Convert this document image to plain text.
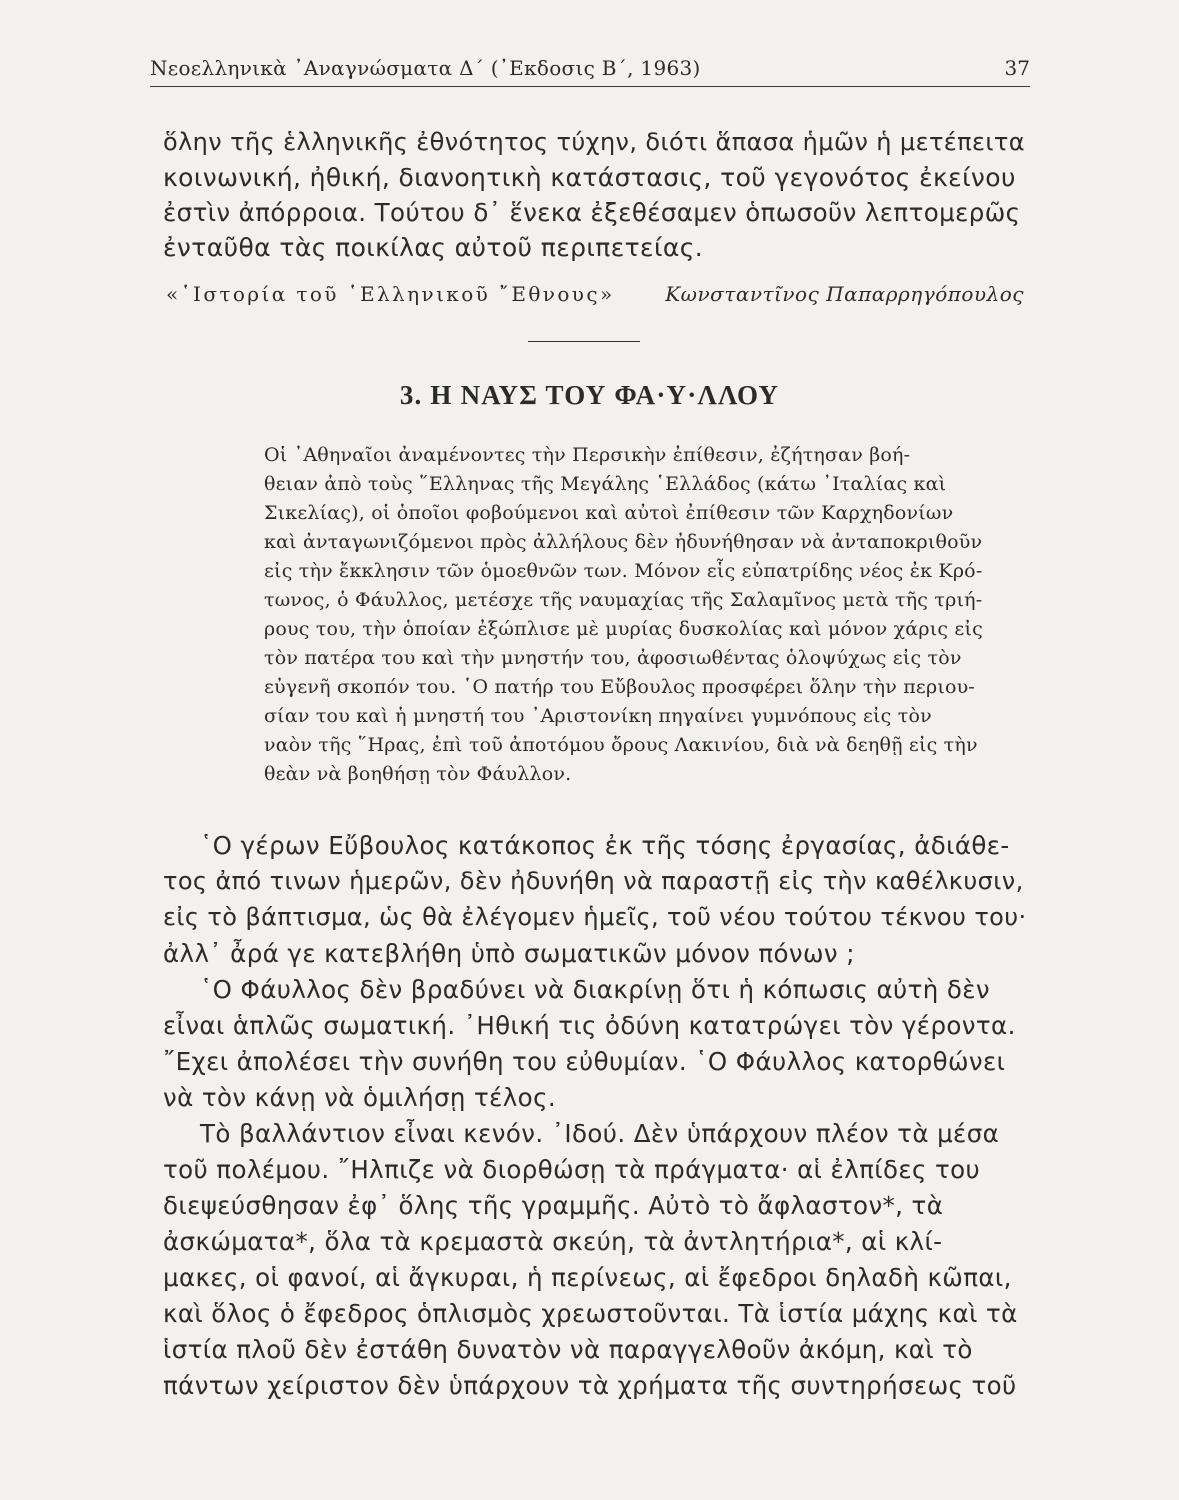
Νεοελληνικὰ ᾿Αναγνώσματα Δ΄ (᾿Εκδοσις Β΄, 1963)	37
ὅλην τῆς ἑλληνικῆς ἐθνότητος τύχην, διότι ἅπασα ἡμῶν ἡ μετέπειτα
κοινωνική, ἠθική, διανοητικὴ κατάστασις, τοῦ γεγονότος ἐκείνου
ἐστὶν ἀπόρροια. Τούτου δ᾿ ἕνεκα ἐξεθέσαμεν ὁπωσοῦν λεπτομερῶς
ἐνταῦθα τὰς ποικίλας αὐτοῦ περιπετείας.
«῾Ιστορία τοῦ ῾Ελληνικοῦ ῎Εθνους»	Κωνσταντῖνος Παπαρρηγόπουλος
3. Η ΝΑΥΣ ΤΟΥ ΦΑ·Υ·ΛΛΟΥ
Οἱ ᾿Αθηναῖοι ἀναμένοντες τὴν Περσικὴν ἐπίθεσιν, ἐζήτησαν βοή-
θειαν ἀπὸ τοὺς ῞Ελληνας τῆς Μεγάλης ῾Ελλάδος (κάτω ᾿Ιταλίας καὶ
Σικελίας), οἱ ὁποῖοι φοβούμενοι καὶ αὐτοὶ ἐπίθεσιν τῶν Καρχηδονίων
καὶ ἀνταγωνιζόμενοι πρὸς ἀλλήλους δὲν ἠδυνήθησαν νὰ ἀνταποκριθοῦν
εἰς τὴν ἔκκλησιν τῶν ὁμοεθνῶν των. Μόνον εἷς εὐπατρίδης νέος ἐκ Κρό-
τωνος, ὁ Φάυλλος, μετέσχε τῆς ναυμαχίας τῆς Σαλαμῖνος μετὰ τῆς τριή-
ρους του, τὴν ὁποίαν ἐξώπλισε μὲ μυρίας δυσκολίας καὶ μόνον χάρις εἰς
τὸν πατέρα του καὶ τὴν μνηστήν του, ἀφοσιωθέντας ὁλοψύχως εἰς τὸν
εὐγενῆ σκοπόν του. ῾Ο πατήρ του Εὔβουλος προσφέρει ὅλην τὴν περιου-
σίαν του καὶ ἡ μνηστή του ᾿Αριστονίκη πηγαίνει γυμνόπους εἰς τὸν
ναὸν τῆς ῞Ηρας, ἐπὶ τοῦ ἀποτόμου ὄρους Λακινίου, διὰ νὰ δεηθῇ εἰς τὴν
θεὰν νὰ βοηθήσῃ τὸν Φάυλλον.
῾Ο γέρων Εὔβουλος κατάκοπος ἐκ τῆς τόσης ἐργασίας, ἀδιάθε-
τος ἀπό τινων ἡμερῶν, δὲν ἠδυνήθη νὰ παραστῇ εἰς τὴν καθέλκυσιν,
εἰς τὸ βάπτισμα, ὡς θὰ ἐλέγομεν ἡμεῖς, τοῦ νέου τούτου τέκνου του·
ἀλλ᾿ ἆρά γε κατεβλήθη ὑπὸ σωματικῶν μόνον πόνων ;
῾Ο Φάυλλος δὲν βραδύνει νὰ διακρίνῃ ὅτι ἡ κόπωσις αὐτὴ δὲν
εἶναι ἁπλῶς σωματική. ᾿Ηθική τις ὀδύνη κατατρώγει τὸν γέροντα.
῎Εχει ἀπολέσει τὴν συνήθη του εὐθυμίαν. ῾Ο Φάυλλος κατορθώνει
νὰ τὸν κάνῃ νὰ ὁμιλήσῃ τέλος.
Τὸ βαλλάντιον εἶναι κενόν. ᾿Ιδού. Δὲν ὑπάρχουν πλέον τὰ μέσα
τοῦ πολέμου. ῎Ηλπιζε νὰ διορθώσῃ τὰ πράγματα· αἱ ἐλπίδες του
διεψεύσθησαν ἐφ᾿ ὅλης τῆς γραμμῆς. Αὐτὸ τὸ ἄφλαστον*, τὰ
ἀσκώματα*, ὅλα τὰ κρεμαστὰ σκεύη, τὰ ἀντλητήρια*, αἱ κλί-
μακες, οἱ φανοί, αἱ ἄγκυραι, ἡ περίνεως, αἱ ἔφεδροι δηλαδὴ κῶπαι,
καὶ ὅλος ὁ ἔφεδρος ὁπλισμὸς χρεωστοῦνται. Τὰ ἱστία μάχης καὶ τὰ
ἱστία πλοῦ δὲν ἐστάθη δυνατὸν νὰ παραγγελθοῦν ἀκόμη, καὶ τὸ
πάντων χείριστον δὲν ὑπάρχουν τὰ χρήματα τῆς συντηρήσεως τοῦ
